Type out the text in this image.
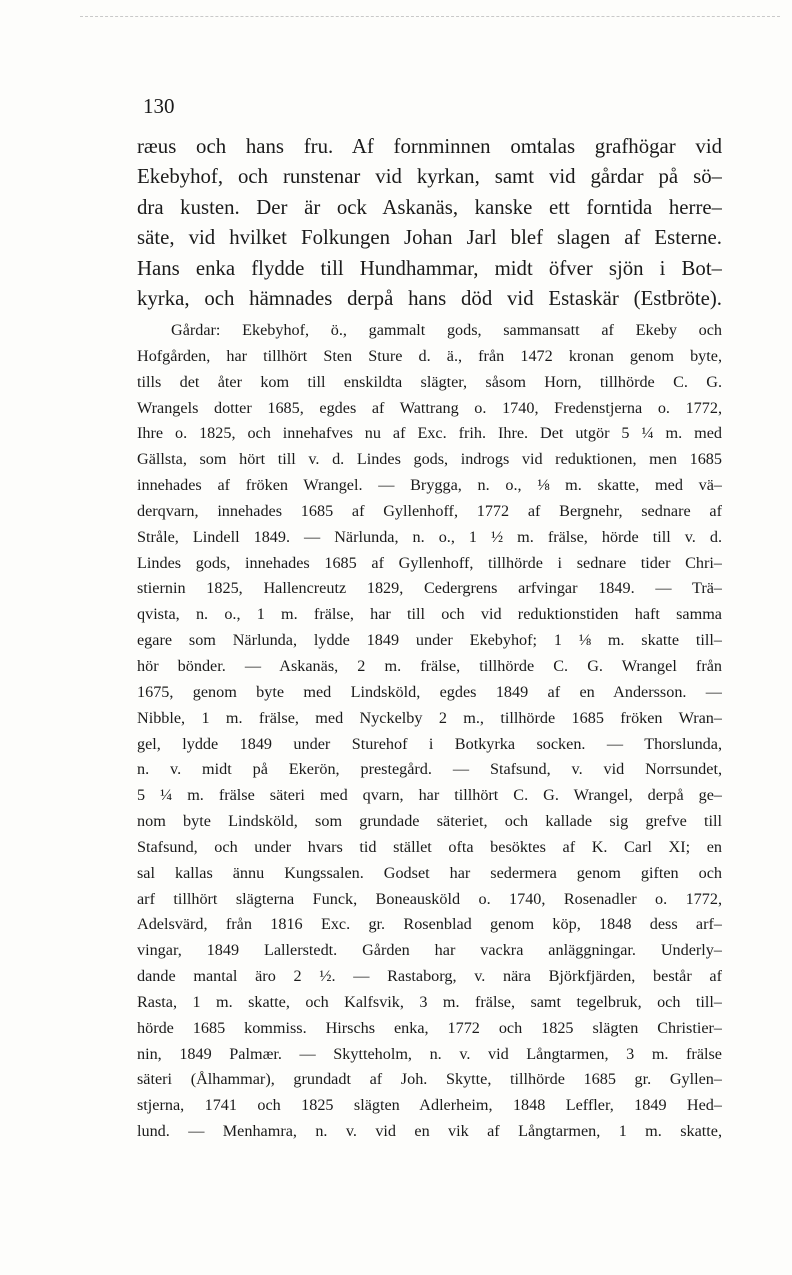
130
ræus och hans fru. Af fornminnen omtalas grafhögar vid
Ekebyhof, och runstenar vid kyrkan, samt vid gårdar på sö–
dra kusten. Der är ock Askanäs, kanske ett forntida herre–
säte, vid hvilket Folkungen Johan Jarl blef slagen af Esterne.
Hans enka flydde till Hundhammar, midt öfver sjön i Bot–
kyrka, och hämnades derpå hans död vid Estaskär (Estbröte).
Gårdar: Ekebyhof, ö., gammalt gods, sammansatt af Ekeby och
Hofgården, har tillhört Sten Sture d. ä., från 1472 kronan genom byte,
tills det åter kom till enskildta slägter, såsom Horn, tillhörde C. G.
Wrangels dotter 1685, egdes af Wattrang o. 1740, Fredenstjerna o. 1772,
Ihre o. 1825, och innehafves nu af Exc. frih. Ihre. Det utgör 5 ¼ m. med
Gällsta, som hört till v. d. Lindes gods, indrogs vid reduktionen, men 1685
innehades af fröken Wrangel. — Brygga, n. o., ⅛ m. skatte, med vä–
derqvarn, innehades 1685 af Gyllenhoff, 1772 af Bergnehr, sednare af
Stråle, Lindell 1849. — Närlunda, n. o., 1 ½ m. frälse, hörde till v. d.
Lindes gods, innehades 1685 af Gyllenhoff, tillhörde i sednare tider Chri–
stiernin 1825, Hallencreutz 1829, Cedergrens arfvingar 1849. — Trä–
qvista, n. o., 1 m. frälse, har till och vid reduktionstiden haft samma
egare som Närlunda, lydde 1849 under Ekebyhof; 1 ⅛ m. skatte till–
hör bönder. — Askanäs, 2 m. frälse, tillhörde C. G. Wrangel från
1675, genom byte med Lindsköld, egdes 1849 af en Andersson. —
Nibble, 1 m. frälse, med Nyckelby 2 m., tillhörde 1685 fröken Wran–
gel, lydde 1849 under Sturehof i Botkyrka socken. — Thorslunda,
n. v. midt på Ekerön, prestegård. — Stafsund, v. vid Norrsundet,
5 ¼ m. frälse säteri med qvarn, har tillhört C. G. Wrangel, derpå ge–
nom byte Lindsköld, som grundade säteriet, och kallade sig grefve till
Stafsund, och under hvars tid stället ofta besöktes af K. Carl XI; en
sal kallas ännu Kungssalen. Godset har sedermera genom giften och
arf tillhört slägterna Funck, Boneausköld o. 1740, Rosenadler o. 1772,
Adelsvärd, från 1816 Exc. gr. Rosenblad genom köp, 1848 dess arf–
vingar, 1849 Lallerstedt. Gården har vackra anläggningar. Underly–
dande mantal äro 2 ½. — Rastaborg, v. nära Björkfjärden, består af
Rasta, 1 m. skatte, och Kalfsvik, 3 m. frälse, samt tegelbruk, och till–
hörde 1685 kommiss. Hirschs enka, 1772 och 1825 slägten Christier–
nin, 1849 Palmær. — Skytteholm, n. v. vid Långtarmen, 3 m. frälse
säteri (Ålhammar), grundadt af Joh. Skytte, tillhörde 1685 gr. Gyllen–
stjerna, 1741 och 1825 slägten Adlerheim, 1848 Leffler, 1849 Hed–
lund. — Menhamra, n. v. vid en vik af Långtarmen, 1 m. skatte,
